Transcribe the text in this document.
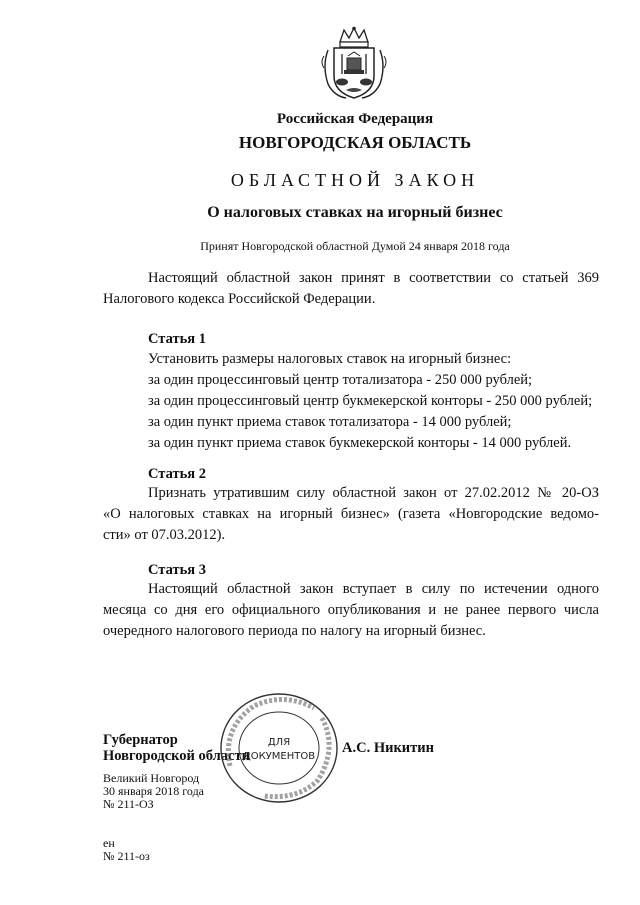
Российская Федерация
НОВГОРОДСКАЯ ОБЛАСТЬ
ОБЛАСТНОЙ ЗАКОН
О налоговых ставках на игорный бизнес
Принят Новгородской областной Думой 24 января 2018 года
Настоящий областной закон принят в соответствии со статьей 369
Налогового кодекса Российской Федерации.
Статья 1
Установить размеры налоговых ставок на игорный бизнес:
за один процессинговый центр тотализатора - 250 000 рублей;
за один процессинговый центр букмекерской конторы - 250 000 рублей;
за один пункт приема ставок тотализатора - 14 000 рублей;
за один пункт приема ставок букмекерской конторы - 14 000 рублей.
Статья 2
Признать утратившим силу областной закон от 27.02.2012 № 20-ОЗ
«О налоговых ставках на игорный бизнес» (газета «Новгородские ведомо-
сти» от 07.03.2012).
Статья 3
Настоящий областной закон вступает в силу по истечении одного
месяца со дня его официального опубликования и не ранее первого числа
очередного налогового периода по налогу на игорный бизнес.
Губернатор
Новгородской области	А.С. Никитин
ДЛЯ
ДОКУМЕНТОВ
Великий Новгород
30 января 2018 года
№ 211-ОЗ
ен
№ 211-оз
